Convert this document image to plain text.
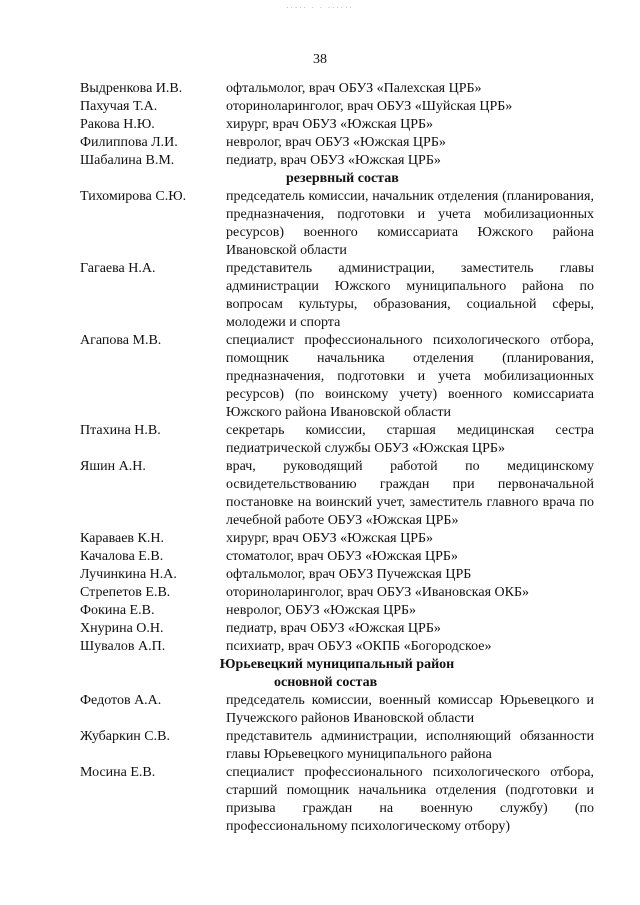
····· · · ······
38
Выдренкова И.В.	офтальмолог, врач ОБУЗ «Палехская ЦРБ»
Пахучая Т.А.	оториноларинголог, врач ОБУЗ «Шуйская ЦРБ»
Ракова Н.Ю.	хирург, врач ОБУЗ «Южская ЦРБ»
Филиппова Л.И.	невролог, врач ОБУЗ «Южская ЦРБ»
Шабалина В.М.	педиатр, врач ОБУЗ «Южская ЦРБ»
резервный состав
Тихомирова С.Ю.	председатель комиссии, начальник отделения (планирования, предназначения, подготовки и учета мобилизационных ресурсов) военного комиссариата Южского района Ивановской области
Гагаева Н.А.	представитель администрации, заместитель главы администрации Южского муниципального района по вопросам культуры, образования, социальной сферы, молодежи и спорта
Агапова М.В.	специалист профессионального психологического отбора, помощник начальника отделения (планирования, предназначения, подготовки и учета мобилизационных ресурсов) (по воинскому учету) военного комиссариата Южского района Ивановской области
Птахина Н.В.	секретарь комиссии, старшая медицинская сестра педиатрической службы ОБУЗ «Южская ЦРБ»
Яшин А.Н.	врач, руководящий работой по медицинскому освидетельствованию граждан при первоначальной постановке на воинский учет, заместитель главного врача по лечебной работе ОБУЗ «Южская ЦРБ»
Караваев К.Н.	хирург, врач ОБУЗ «Южская ЦРБ»
Качалова Е.В.	стоматолог, врач ОБУЗ «Южская ЦРБ»
Лучинкина Н.А.	офтальмолог, врач ОБУЗ Пучежская ЦРБ
Стрепетов Е.В.	оториноларинголог, врач ОБУЗ «Ивановская ОКБ»
Фокина Е.В.	невролог, ОБУЗ «Южская ЦРБ»
Хнурина О.Н.	педиатр, врач ОБУЗ «Южская ЦРБ»
Шувалов А.П.	психиатр, врач ОБУЗ «ОКПБ «Богородское»
Юрьевецкий муниципальный район
основной состав
Федотов А.А.	председатель комиссии, военный комиссар Юрьевецкого и Пучежского районов Ивановской области
Жубаркин С.В.	представитель администрации, исполняющий обязанности главы Юрьевецкого муниципального района
Мосина Е.В.	специалист профессионального психологического отбора, старший помощник начальника отделения (подготовки и призыва граждан на военную службу) (по профессиональному психологическому отбору)
